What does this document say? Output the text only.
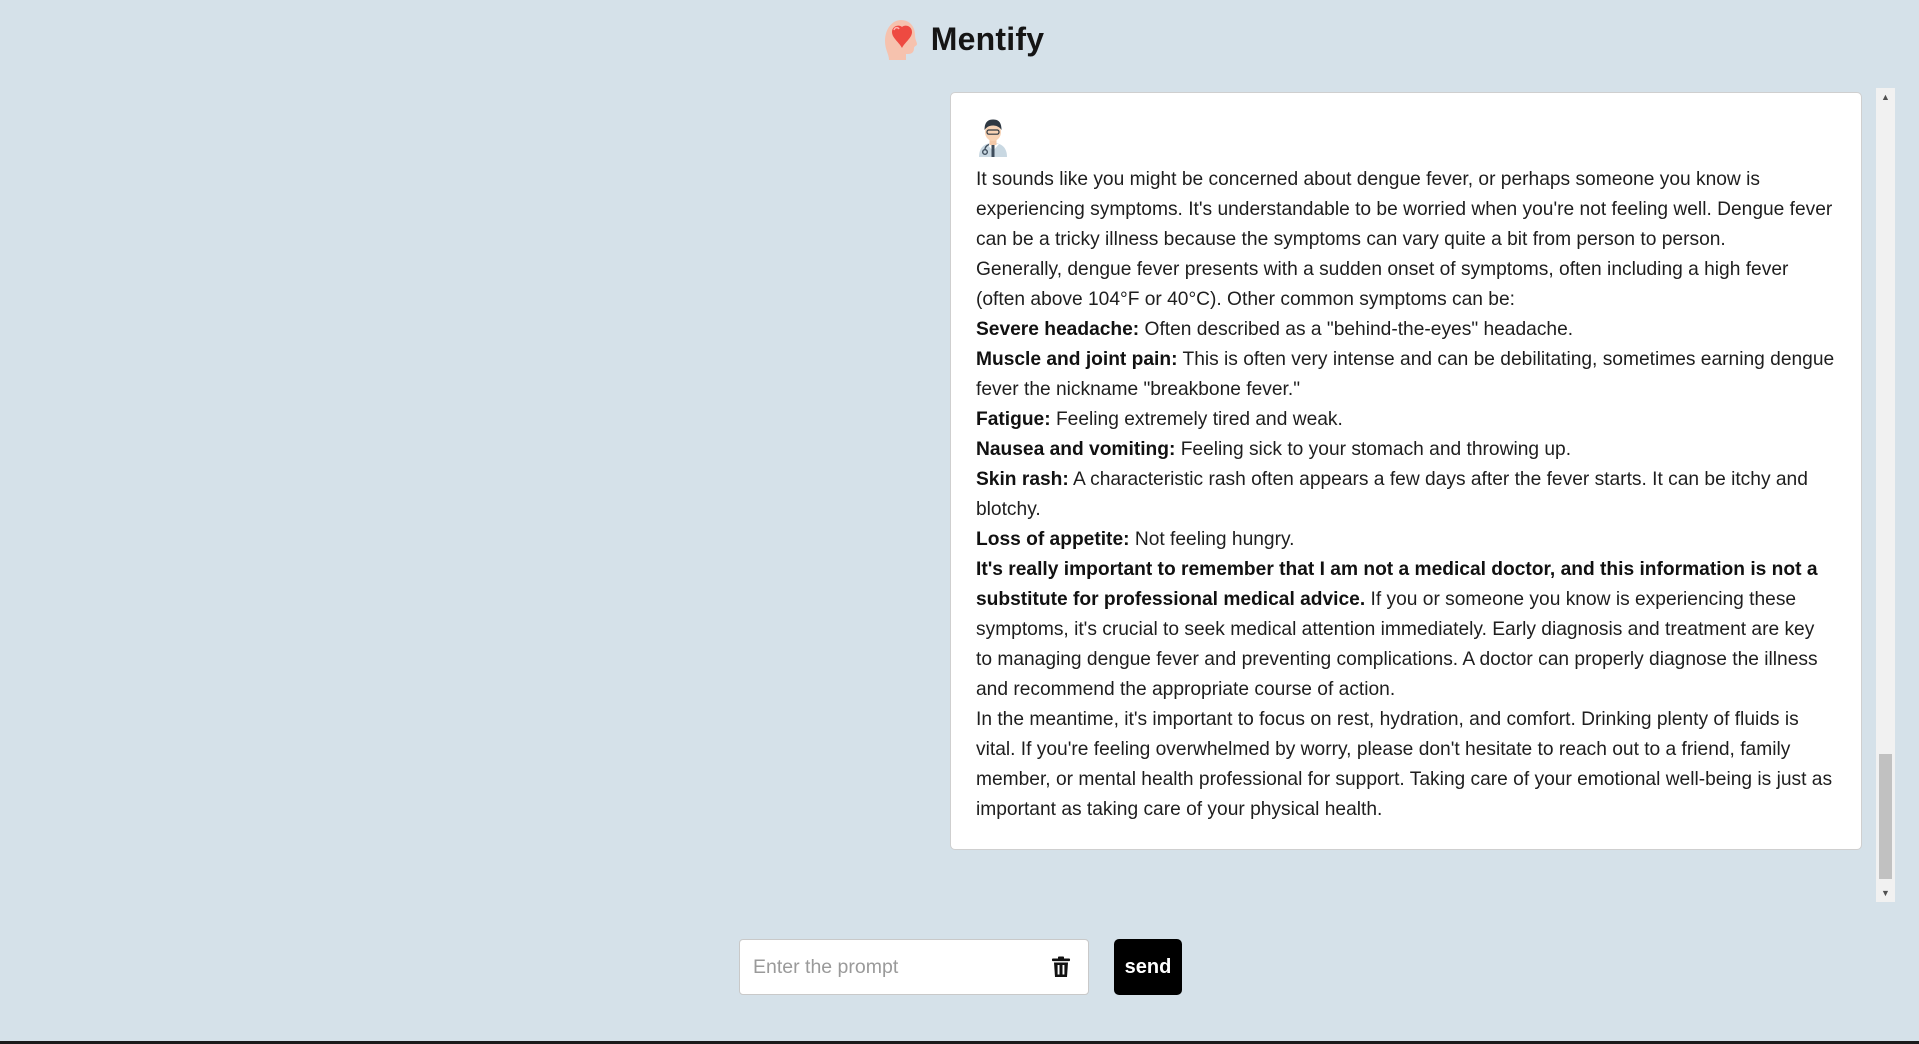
Mentify
▲
▼

It sounds like you might be concerned about dengue fever, or perhaps someone you know is experiencing symptoms. It's understandable to be worried when you're not feeling well. Dengue fever can be a tricky illness because the symptoms can vary quite a bit from person to person.

Generally, dengue fever presents with a sudden onset of symptoms, often including a high fever (often above 104°F or 40°C). Other common symptoms can be:

Severe headache: Often described as a "behind-the-eyes" headache.

Muscle and joint pain: This is often very intense and can be debilitating, sometimes earning dengue fever the nickname "breakbone fever."

Fatigue: Feeling extremely tired and weak.

Nausea and vomiting: Feeling sick to your stomach and throwing up.

Skin rash: A characteristic rash often appears a few days after the fever starts. It can be itchy and blotchy.

Loss of appetite: Not feeling hungry.

It's really important to remember that I am not a medical doctor, and this information is not a substitute for professional medical advice. If you or someone you know is experiencing these symptoms, it's crucial to seek medical attention immediately. Early diagnosis and treatment are key to managing dengue fever and preventing complications. A doctor can properly diagnose the illness and recommend the appropriate course of action.

In the meantime, it's important to focus on rest, hydration, and comfort. Drinking plenty of fluids is vital. If you're feeling overwhelmed by worry, please don't hesitate to reach out to a friend, family member, or mental health professional for support. Taking care of your emotional well-being is just as important as taking care of your physical health.

Enter the prompt
send
